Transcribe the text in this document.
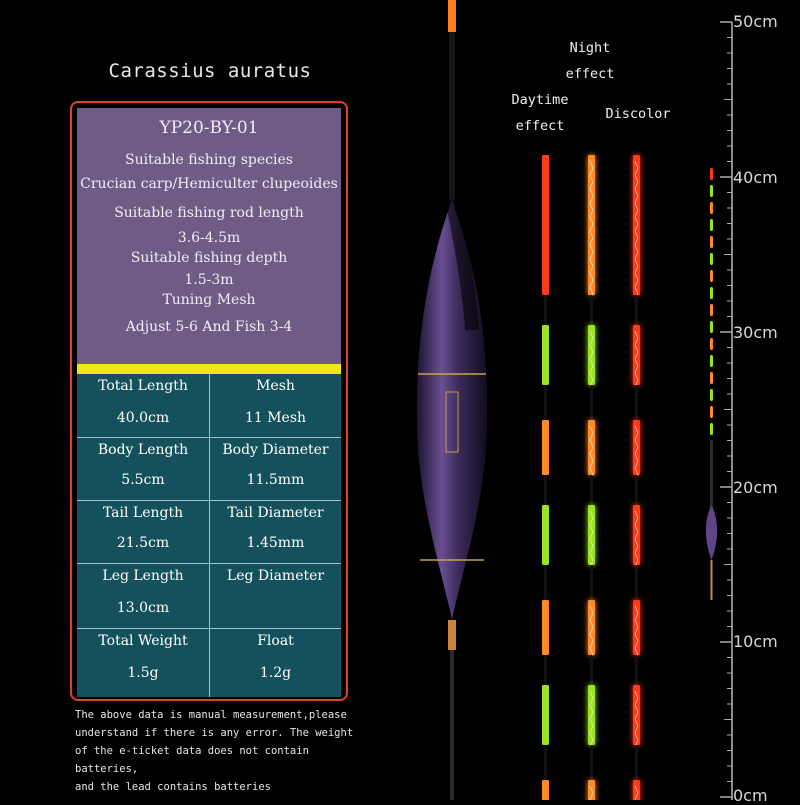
Carassius auratus
YP20-BY-01
Suitable fishing species
Crucian carp/Hemiculter clupeoides
Suitable fishing rod length
3.6-4.5m
Suitable fishing depth
1.5-3m
Tuning Mesh
Adjust 5-6 And Fish 3-4
Total Length
40.0cm
Mesh
11 Mesh
Body Length
5.5cm
Body Diameter
11.5mm
Tail Length
21.5cm
Tail Diameter
1.45mm
Leg Length
13.0cm
Leg Diameter
Total Weight
1.5g
Float
1.2g
The above data is manual measurement,please
understand if there is any error. The weight
of the e-ticket data does not contain batteries,
and the lead contains batteries
Daytime
effect
Night
effect
Discolor
50cm
40cm
30cm
20cm
10cm
0cm
